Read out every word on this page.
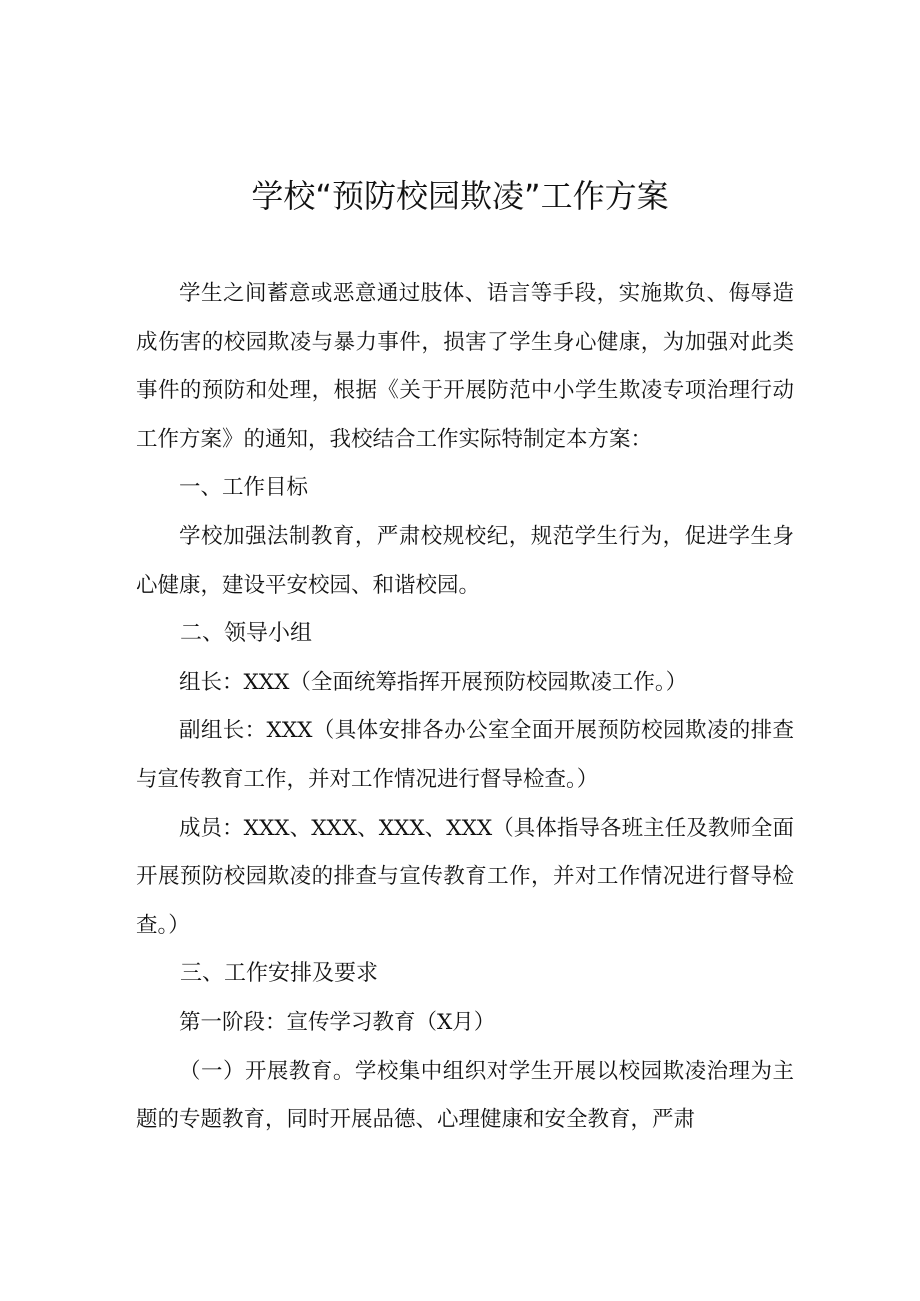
学校“预防校园欺凌”工作方案

学生之间蓄意或恶意通过肢体、语言等手段，实施欺负、侮辱造成伤害的校园欺凌与暴力事件，损害了学生身心健康，为加强对此类事件的预防和处理，根据《关于开展防范中小学生欺凌专项治理行动工作方案》的通知，我校结合工作实际特制定本方案：

一、工作目标

学校加强法制教育，严肃校规校纪，规范学生行为，促进学生身心健康，建设平安校园、和谐校园。

二、领导小组

组长：XXX（全面统筹指挥开展预防校园欺凌工作。）

副组长：XXX（具体安排各办公室全面开展预防校园欺凌的排查与宣传教育工作，并对工作情况进行督导检查。）

成员：XXX、XXX、XXX、XXX（具体指导各班主任及教师全面开展预防校园欺凌的排查与宣传教育工作，并对工作情况进行督导检查。）

三、工作安排及要求

第一阶段：宣传学习教育（X月）

（一）开展教育。学校集中组织对学生开展以校园欺凌治理为主题的专题教育，同时开展品德、心理健康和安全教育，严肃
